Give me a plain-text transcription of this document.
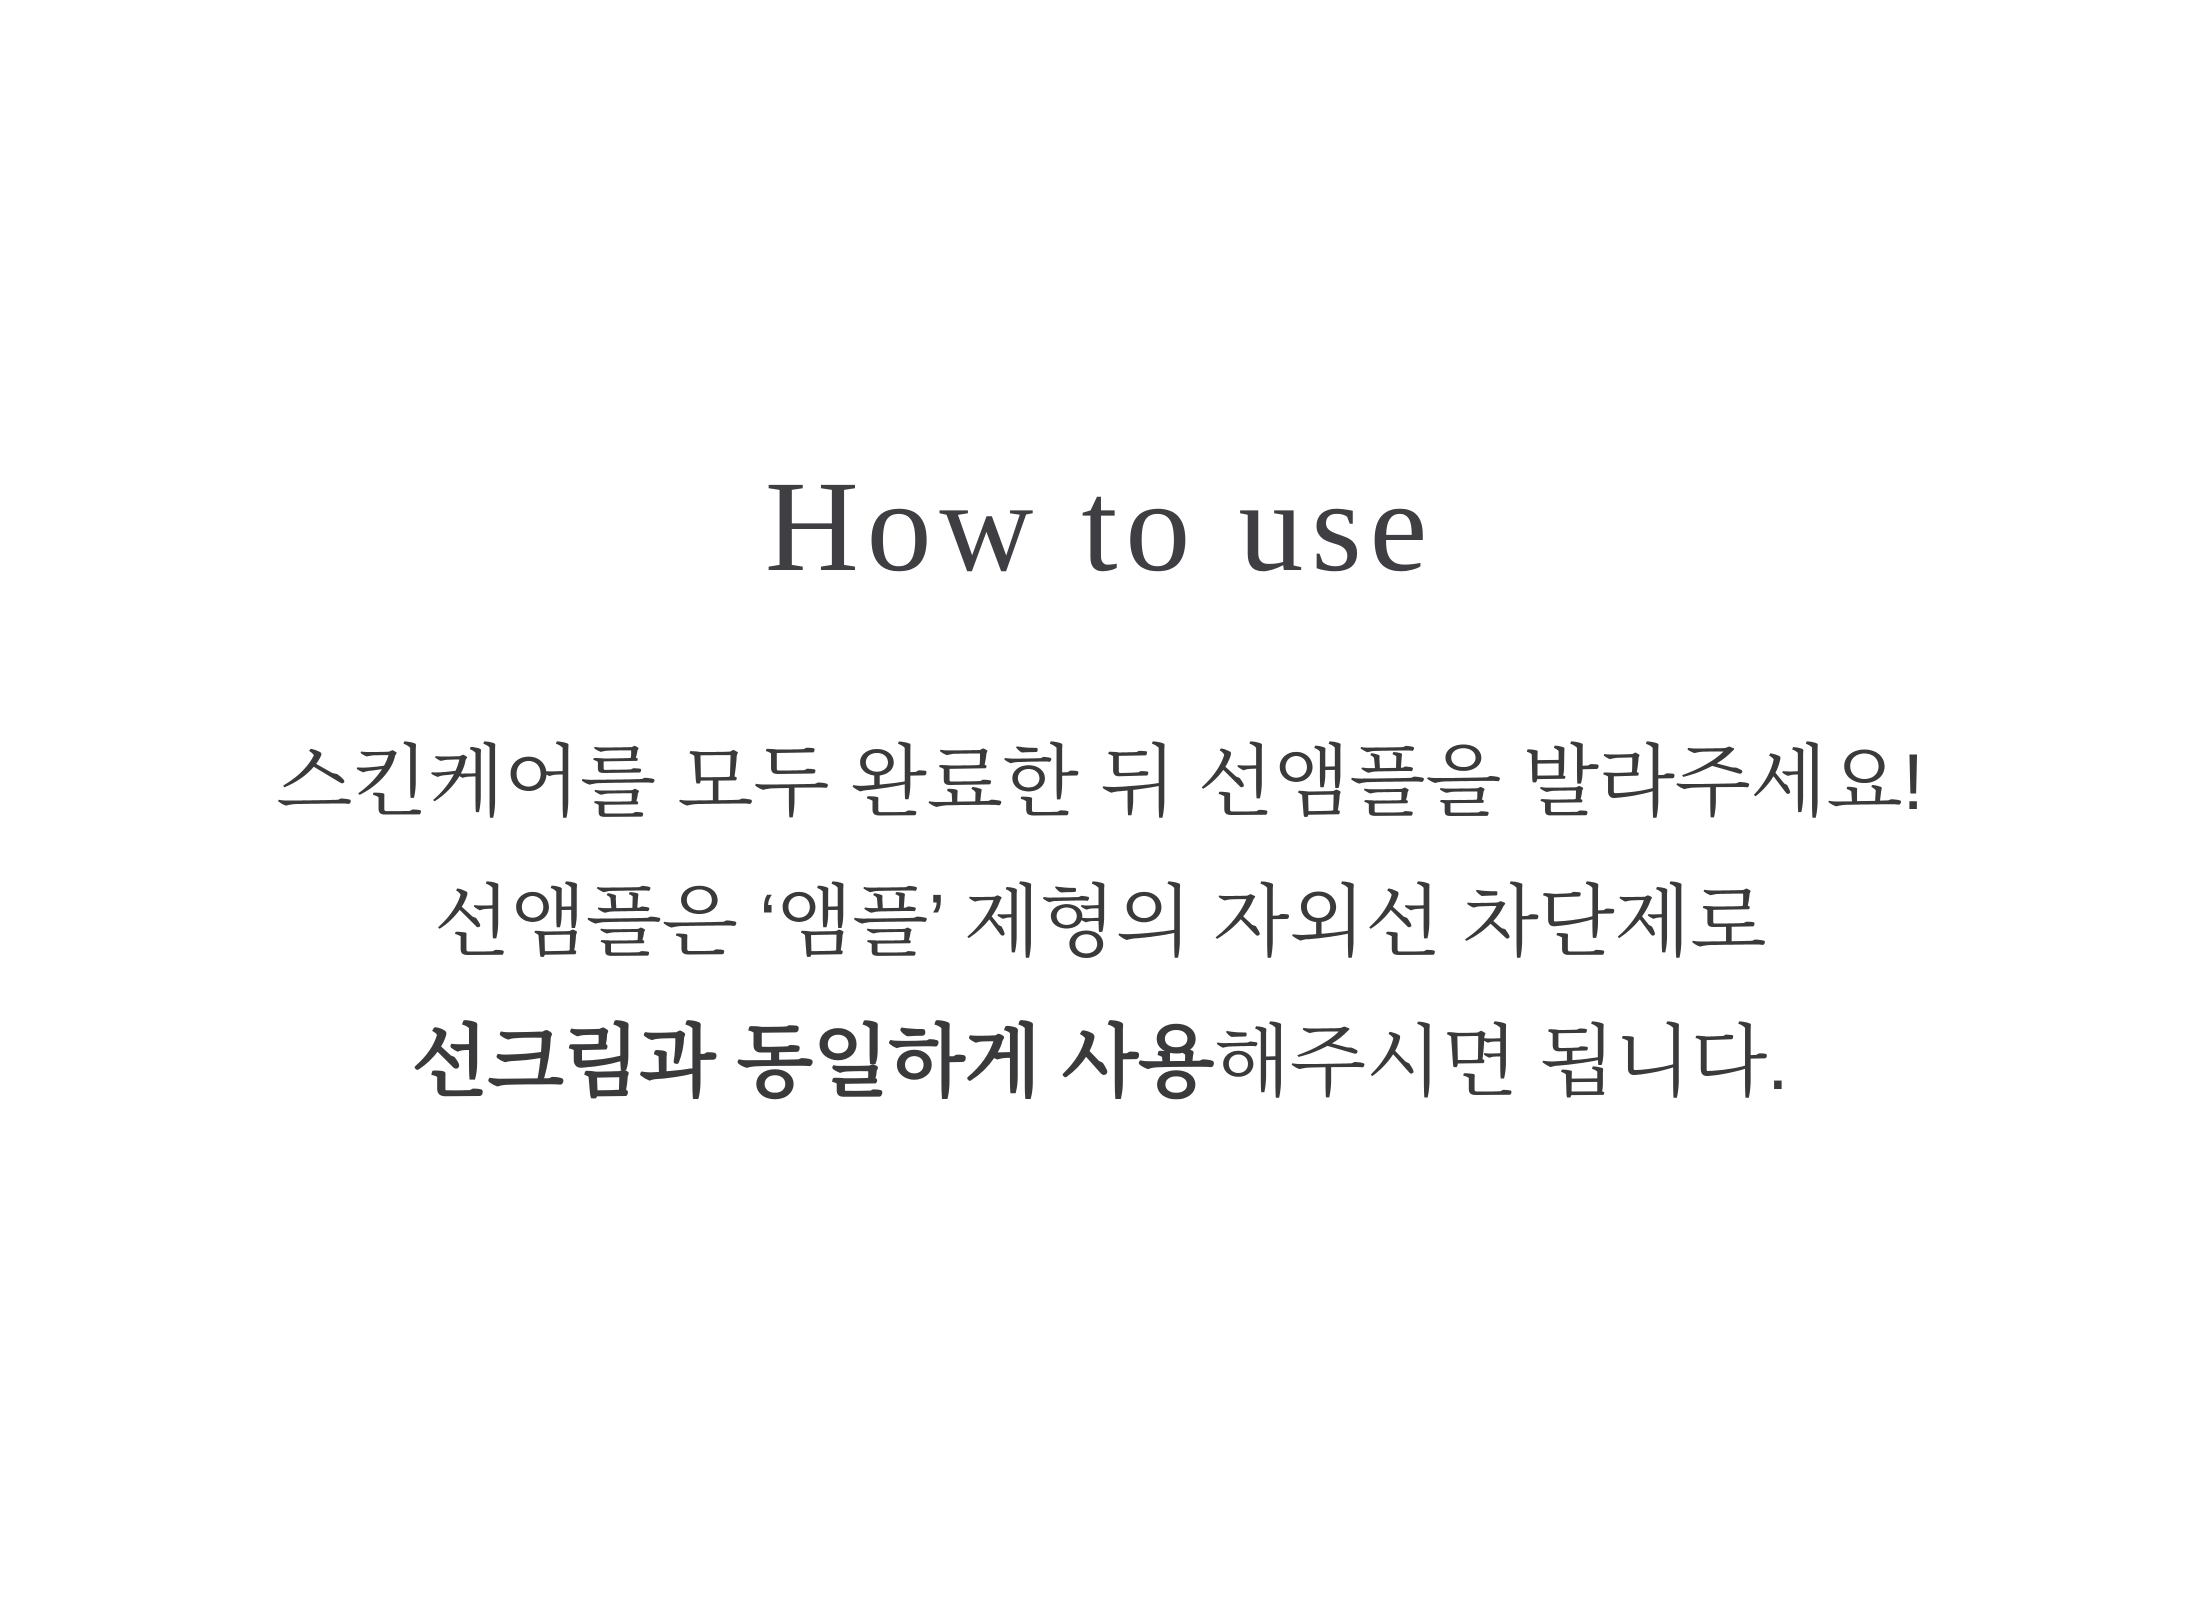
How to use

스킨케어를 모두 완료한 뒤 선앰플을 발라주세요!

선앰플은 ‘앰플’ 제형의 자외선 차단제로

선크림과 동일하게 사용해주시면 됩니다.
